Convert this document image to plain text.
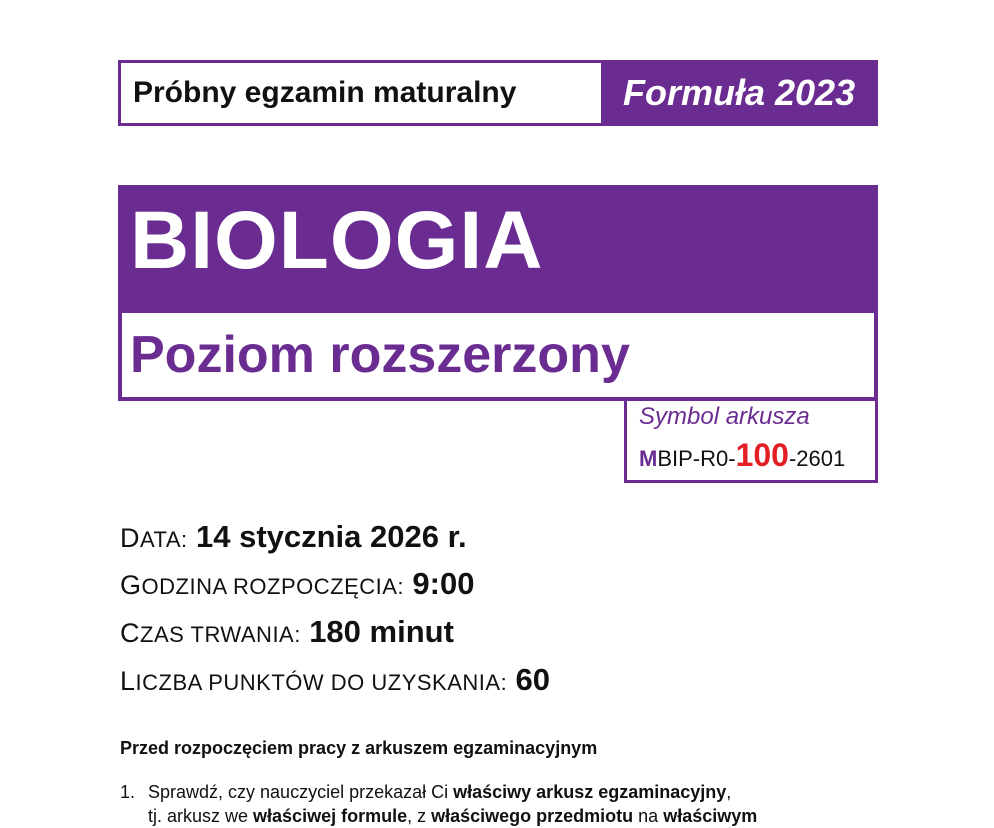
Próbny egzamin maturalny	Formuła 2023
BIOLOGIA
Poziom rozszerzony
Symbol arkusza
MBIP-R0-100-2601
DATA: 14 stycznia 2026 r.
GODZINA ROZPOCZĘCIA: 9:00
CZAS TRWANIA: 180 minut
LICZBA PUNKTÓW DO UZYSKANIA: 60
Przed rozpoczęciem pracy z arkuszem egzaminacyjnym
1. Sprawdź, czy nauczyciel przekazał Ci właściwy arkusz egzaminacyjny,
tj. arkusz we właściwej formule, z właściwego przedmiotu na właściwym
